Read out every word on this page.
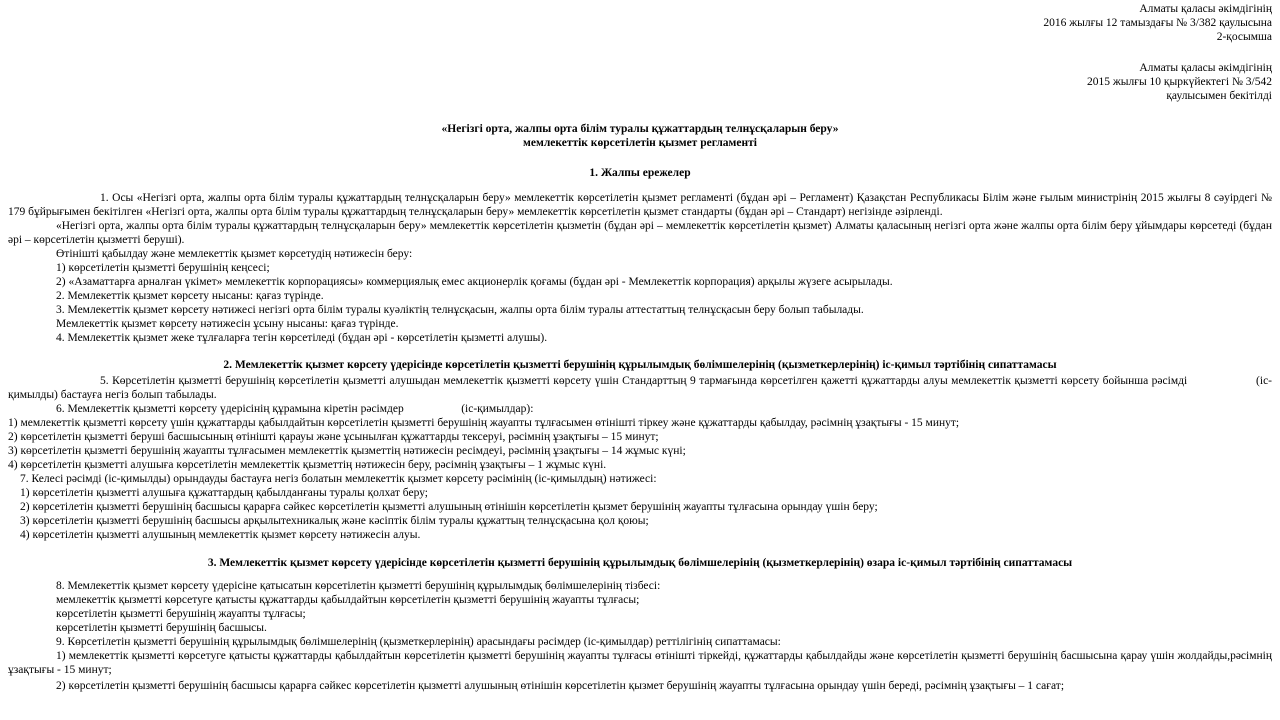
Алматы қаласы әкімдігінің

2016 жылғы 12 тамыздағы № 3/382 қаулысына

2-қосымша

Алматы қаласы әкімдігінің

2015 жылғы 10 қыркүйектегі № 3/542

қаулысымен бекітілді

«Негізгі орта, жалпы орта білім туралы құжаттардың телнұсқаларын беру»

мемлекеттік көрсетілетін қызмет регламенті

1. Жалпы ережелер

1. Осы «Негізгі орта, жалпы орта білім туралы құжаттардың телнұсқаларын беру» мемлекеттік көрсетілетін қызмет регламенті (бұдан әрі – Регламент) Қазақстан Республикасы Білім және ғылым министрінің 2015 жылғы 8 сәуірдегі № 179 бұйрығымен бекітілген «Негізгі орта, жалпы орта білім туралы құжаттардың телнұсқаларын беру» мемлекеттік көрсетілетін қызмет стандарты (бұдан әрі – Стандарт) негізінде әзірленді.

«Негізгі орта, жалпы орта білім туралы құжаттардың телнұсқаларын беру» мемлекеттік көрсетілетін қызметін (бұдан әрі – мемлекеттік көрсетілетін қызмет) Алматы қаласының негізгі орта және жалпы орта білім беру ұйымдары көрсетеді (бұдан әрі – көрсетілетін қызметті беруші).

Өтінішті қабылдау және мемлекеттік қызмет көрсетудің нәтижесін беру:

1) көрсетілетін қызметті берушінің кеңсесі;

2) «Азаматтарға арналған үкімет» мемлекеттік корпорациясы» коммерциялық емес акционерлік қоғамы (бұдан әрі - Мемлекеттік корпорация) арқылы жүзеге асырылады.

2. Мемлекеттік қызмет көрсету нысаны: қағаз түрінде.

3. Мемлекеттік қызмет көрсету нәтижесі негізгі орта білім туралы куәліктің телнұсқасын, жалпы орта білім туралы аттестаттың телнұсқасын беру болып табылады.

Мемлекеттік қызмет көрсету нәтижесін ұсыну нысаны: қағаз түрінде.

4. Мемлекеттік қызмет жеке тұлғаларға тегін көрсетіледі (бұдан әрі - көрсетілетін қызметті алушы).

2. Мемлекеттік қызмет көрсету үдерісінде көрсетілетін қызметті берушінің құрылымдық бөлімшелерінің (қызметкерлерінің) іс-қимыл тәртібінің сипаттамасы

5. Көрсетілетін қызметті берушінің көрсетілетін қызметті алушыдан мемлекеттік қызметті көрсету үшін Стандарттың 9 тармағында көрсетілген қажетті құжаттарды алуы мемлекеттік қызметті көрсету бойынша рәсімді                    (іс-қимылды) бастауға негіз болып табылады.

6. Мемлекеттік қызметті көрсету үдерісінің құрамына кіретін рәсімдер                    (іс-қимылдар):

1) мемлекеттік қызметті көрсету үшін құжаттарды қабылдайтын көрсетілетін қызметті берушінің жауапты тұлғасымен өтінішті тіркеу және құжаттарды қабылдау, рәсімнің ұзақтығы - 15 минут;

2) көрсетілетін қызметті беруші басшысының өтінішті қарауы және ұсынылған құжаттарды тексеруі, рәсімнің ұзақтығы – 15 минут;

3) көрсетілетін қызметті берушінің жауапты тұлғасымен мемлекеттік қызметтің нәтижесін ресімдеуі, рәсімнің ұзақтығы – 14 жұмыс күні;

4) көрсетілетін қызметті алушыға көрсетілетін мемлекеттік қызметтің нәтижесін беру, рәсімнің ұзақтығы – 1 жұмыс күні.

7. Келесі рәсімді (іс-қимылды) орындауды бастауға негіз болатын мемлекеттік қызмет көрсету рәсімінің (іс-қимылдың) нәтижесі:

1) көрсетілетін қызметті алушыға құжаттардың қабылданғаны туралы қолхат беру;

2) көрсетілетін қызметті берушінің басшысы қарарға сәйкес көрсетілетін қызметті алушының өтінішін көрсетілетін қызмет берушінің жауапты тұлғасына орындау үшін беру;

3) көрсетілетін қызметті берушінің басшысы арқылытехникалық және кәсіптік білім туралы құжаттың телнұсқасына қол қоюы;

4) көрсетілетін қызметті алушының мемлекеттік қызмет көрсету нәтижесін алуы.

3. Мемлекеттік қызмет көрсету үдерісінде көрсетілетін қызметті берушінің құрылымдық бөлімшелерінің (қызметкерлерінің) өзара іс-қимыл тәртібінің сипаттамасы

8. Мемлекеттік қызмет көрсету үдерісіне қатысатын көрсетілетін қызметті берушінің құрылымдық бөлімшелерінің тізбесі:

мемлекеттік қызметті көрсетуге қатысты құжаттарды қабылдайтын көрсетілетін қызметті берушінің жауапты тұлғасы;

көрсетілетін қызметті берушінің жауапты тұлғасы;

көрсетілетін қызметті берушінің басшысы.

9. Көрсетілетін қызметті берушінің құрылымдық бөлімшелерінің (қызметкерлерінің) арасындағы рәсімдер (іс-қимылдар) реттілігінің сипаттамасы:

1) мемлекеттік қызметті көрсетуге қатысты құжаттарды қабылдайтын көрсетілетін қызметті берушінің жауапты тұлғасы өтінішті тіркейді, құжаттарды қабылдайды және көрсетілетін қызметті берушінің басшысына қарау үшін жолдайды,рәсімнің ұзақтығы - 15 минут;

2) көрсетілетін қызметті берушінің басшысы қарарға сәйкес көрсетілетін қызметті алушының өтінішін көрсетілетін қызмет берушінің жауапты тұлғасына орындау үшін береді, рәсімнің ұзақтығы – 1 сағат;
